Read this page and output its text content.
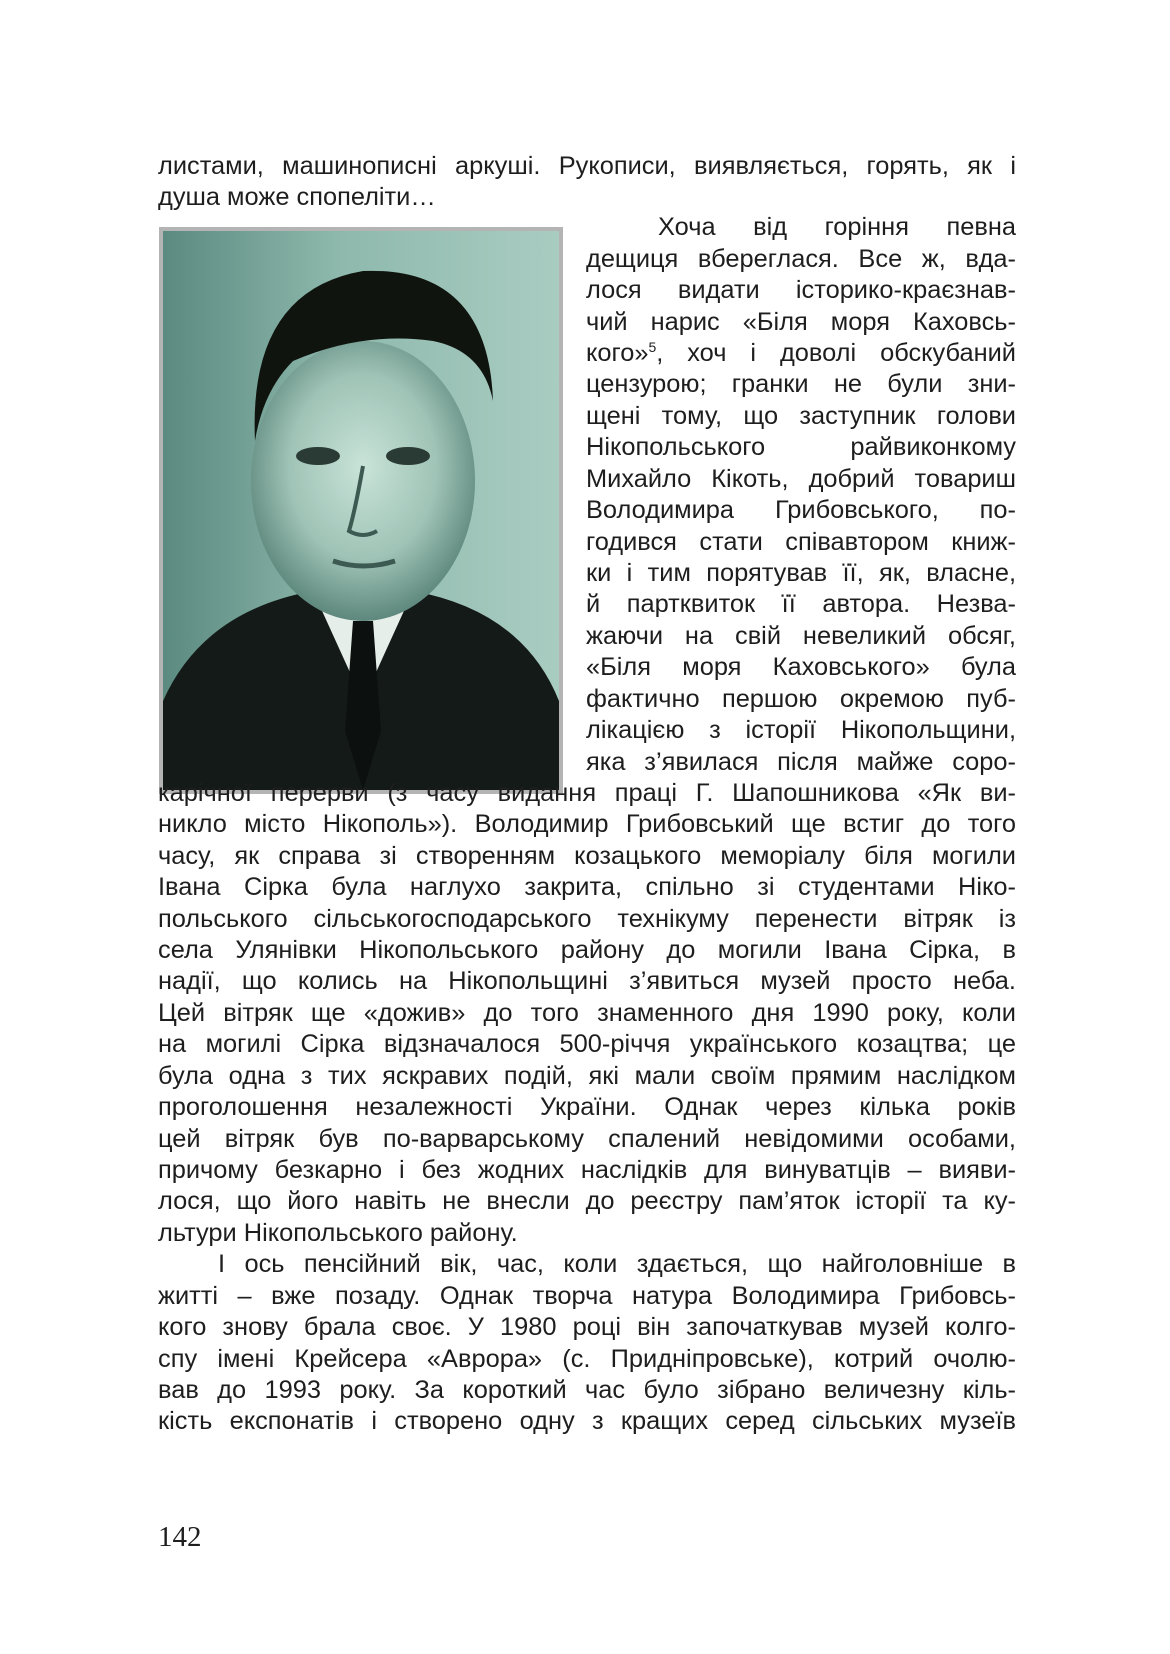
листами, машинописні аркуші. Рукописи, виявляється, горять, як і
душа може спопеліти…
Хоча від горіння певна
дещиця вбереглася. Все ж, вда-
лося видати історико-краєзнав-
чий нарис «Біля моря Каховсь-
кого»$^5$, хоч і доволі обскубаний
цензурою; гранки не були зни-
щені тому, що заступник голови
Нікопольського райвиконкому
Михайло Кікоть, добрий товариш
Володимира Грибовського, по-
годився стати співавтором книж-
ки і тим порятував її, як, власне,
й партквиток її автора. Незва-
жаючи на свій невеликий обсяг,
«Біля моря Каховського» була
фактично першою окремою пуб-
лікацією з історії Нікопольщини,
яка з’явилася після майже соро-
карічної перерви (з часу видання праці Г. Шапошникова «Як ви-
никло місто Нікополь»). Володимир Грибовський ще встиг до того
часу, як справа зі створенням козацького меморіалу біля могили
Івана Сірка була наглухо закрита, спільно зі студентами Ніко-
польського сільськогосподарського технікуму перенести вітряк із
села Улянівки Нікопольського району до могили Івана Сірка, в
надії, що колись на Нікопольщині з’явиться музей просто неба.
Цей вітряк ще «дожив» до того знаменного дня 1990 року, коли
на могилі Сірка відзначалося 500-річчя українського козацтва; це
була одна з тих яскравих подій, які мали своїм прямим наслідком
проголошення незалежності України. Однак через кілька років
цей вітряк був по-варварському спалений невідомими особами,
причому безкарно і без жодних наслідків для винуватців – вияви-
лося, що його навіть не внесли до реєстру пам’яток історії та ку-
льтури Нікопольського району.
І ось пенсійний вік, час, коли здається, що найголовніше в
житті – вже позаду. Однак творча натура Володимира Грибовсь-
кого знову брала своє. У 1980 році він започаткував музей колго-
спу імені Крейсера «Аврора» (с. Придніпровське), котрий очолю-
вав до 1993 року. За короткий час було зібрано величезну кіль-
кість експонатів і створено одну з кращих серед сільських музеїв
142
